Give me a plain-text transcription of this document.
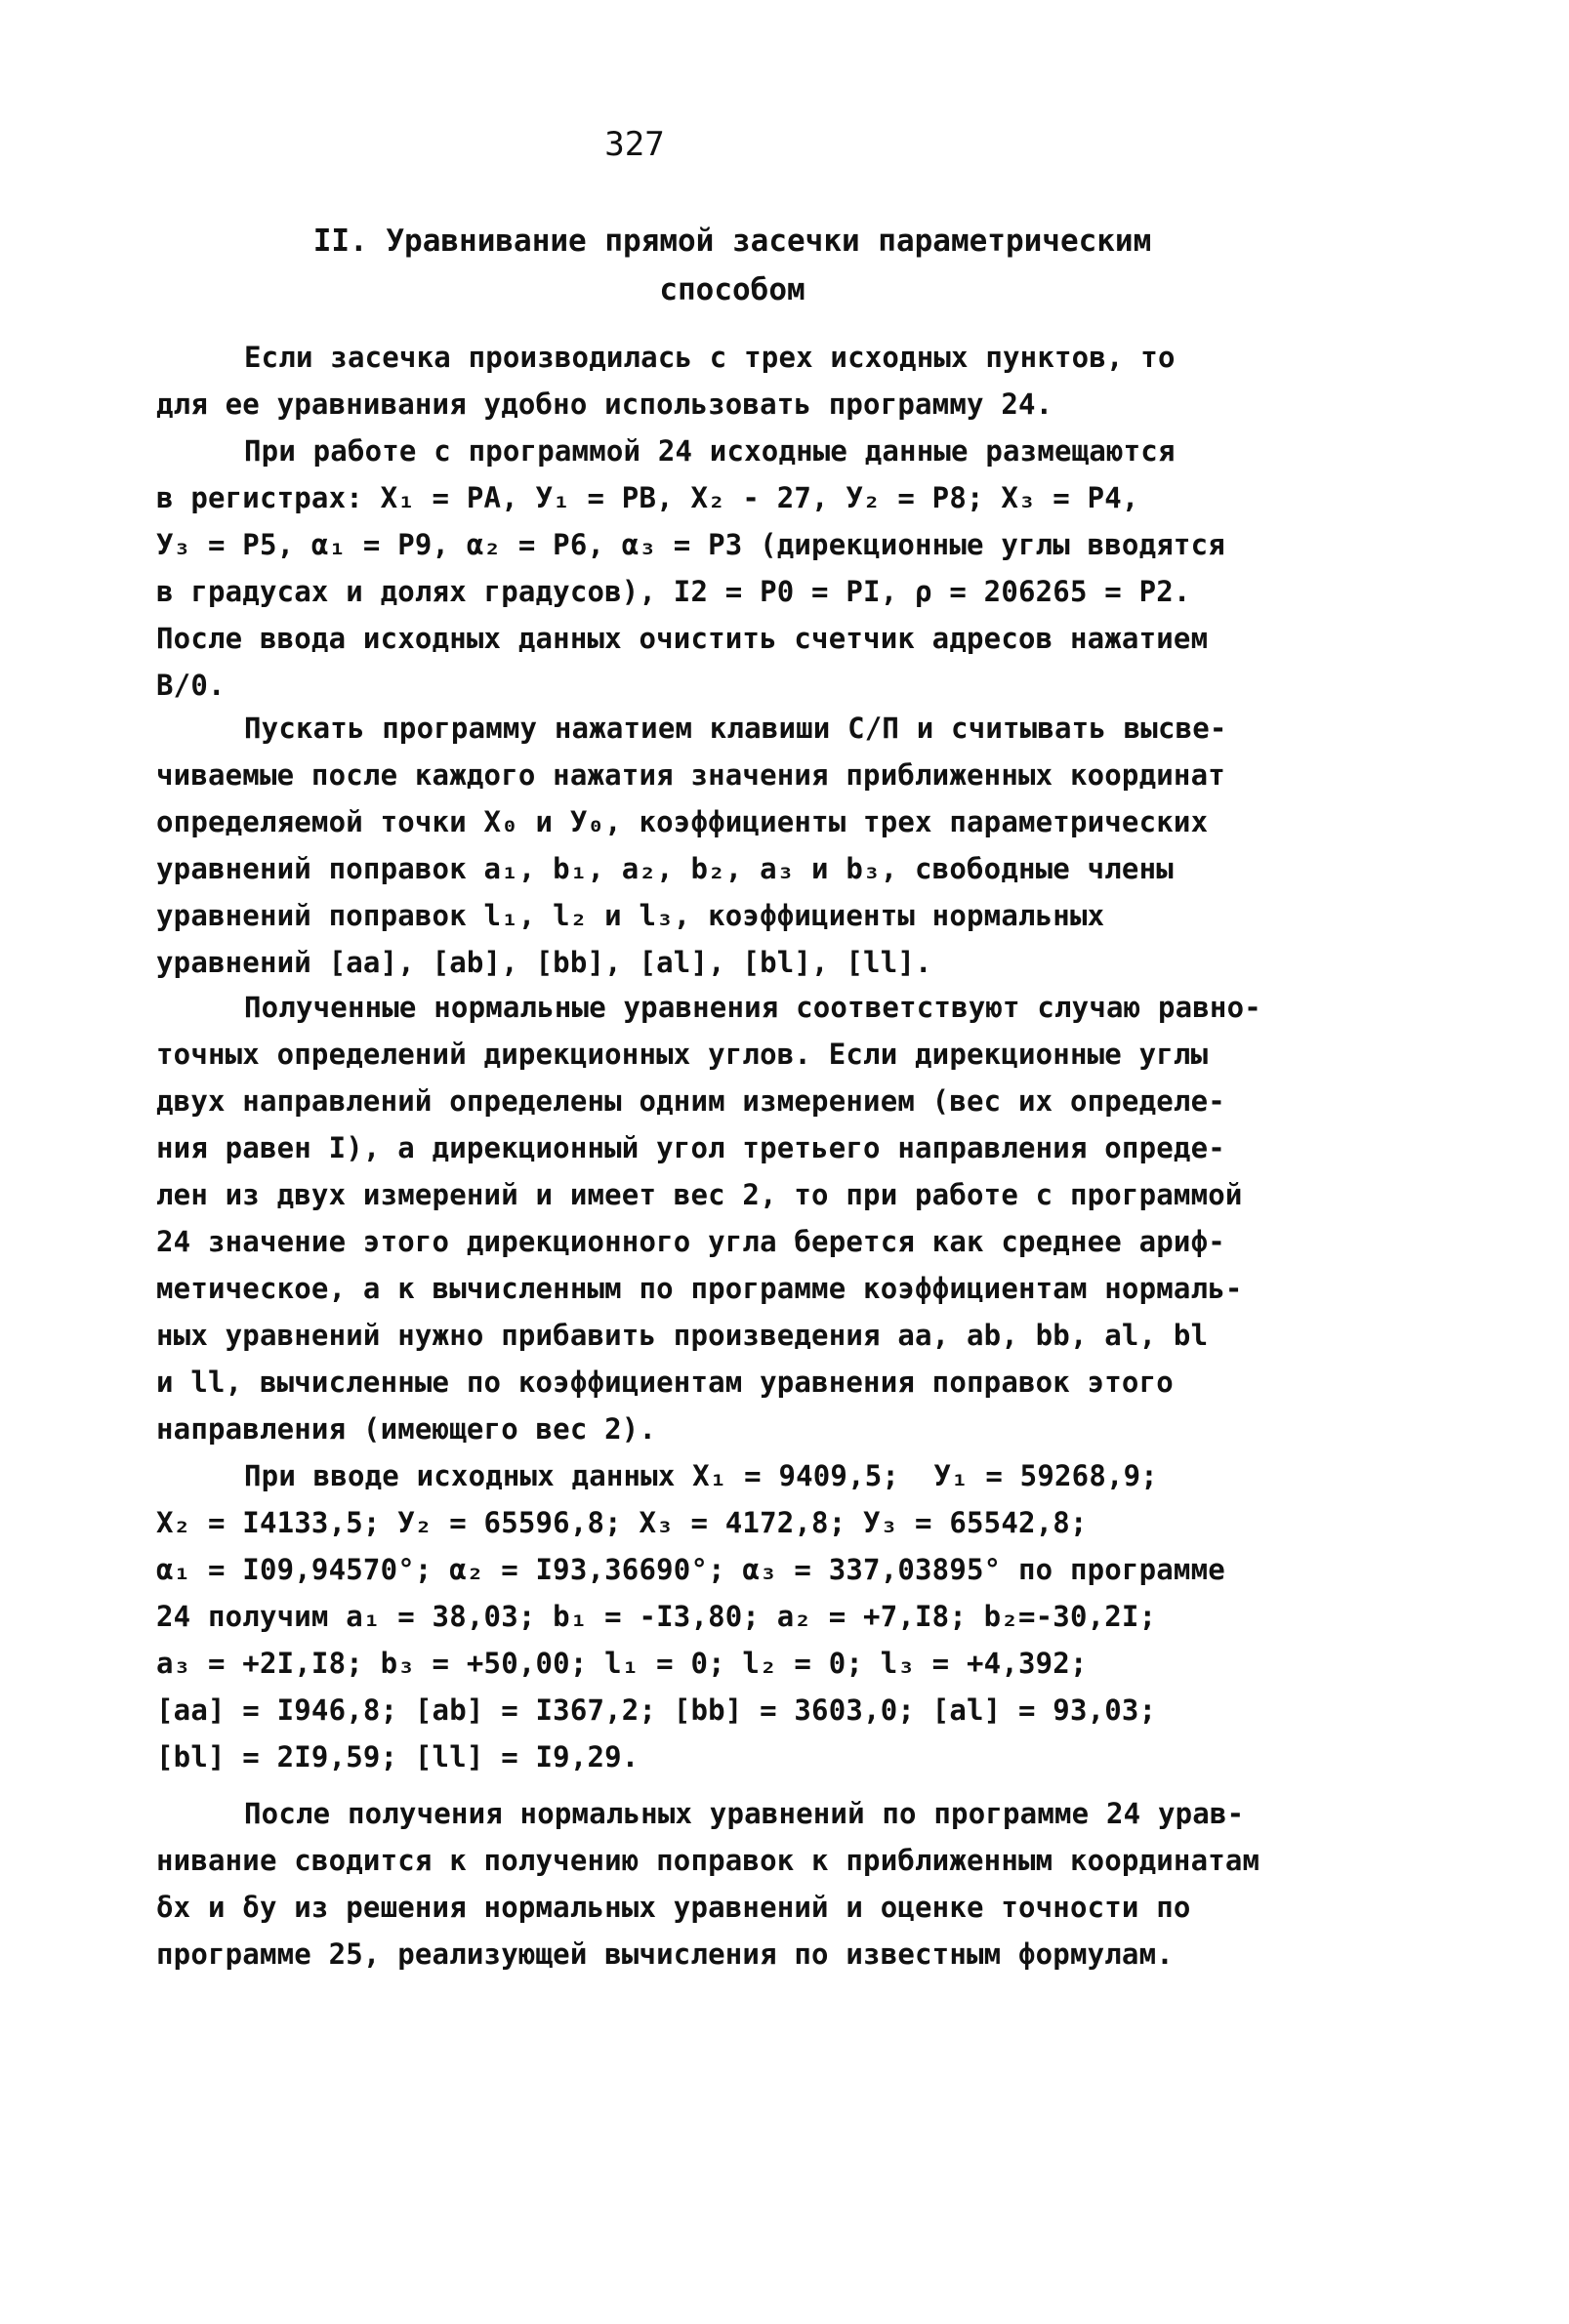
327
II. Уравнивание прямой засечки параметрическим
способом
Если засечка производилась с трех исходных пунктов, то
для ее уравнивания удобно использовать программу 24.
При работе с программой 24 исходные данные размещаются
в регистрах: X₁ = PA, У₁ = PB, X₂ - 27, У₂ = P8; X₃ = P4,
У₃ = P5, α₁ = P9, α₂ = P6, α₃ = P3 (дирекционные углы вводятся
в градусах и долях градусов), I2 = P0 = PI, ρ = 206265 = P2.
После ввода исходных данных очистить счетчик адресов нажатием
В/0.
Пускать программу нажатием клавиши С/П и считывать высве-
чиваемые после каждого нажатия значения приближенных координат
определяемой точки X₀ и У₀, коэффициенты трех параметрических
уравнений поправок a₁, b₁, a₂, b₂, a₃ и b₃, свободные члены
уравнений поправок l₁, l₂ и l₃, коэффициенты нормальных
уравнений [aa], [ab], [bb], [al], [bl], [ll].
Полученные нормальные уравнения соответствуют случаю равно-
точных определений дирекционных углов. Если дирекционные углы
двух направлений определены одним измерением (вес их определе-
ния равен I), а дирекционный угол третьего направления опреде-
лен из двух измерений и имеет вес 2, то при работе с программой
24 значение этого дирекционного угла берется как среднее ариф-
метическое, а к вычисленным по программе коэффициентам нормаль-
ных уравнений нужно прибавить произведения aa, ab, bb, al, bl
и ll, вычисленные по коэффициентам уравнения поправок этого
направления (имеющего вес 2).
При вводе исходных данных X₁ = 9409,5;  У₁ = 59268,9;
X₂ = I4133,5; У₂ = 65596,8; X₃ = 4172,8; У₃ = 65542,8;
α₁ = I09,94570°; α₂ = I93,36690°; α₃ = 337,03895° по программе
24 получим a₁ = 38,03; b₁ = -I3,80; a₂ = +7,I8; b₂=-30,2I;
a₃ = +2I,I8; b₃ = +50,00; l₁ = 0; l₂ = 0; l₃ = +4,392;
[aa] = I946,8; [ab] = I367,2; [bb] = 3603,0; [al] = 93,03;
[bl] = 2I9,59; [ll] = I9,29.
После получения нормальных уравнений по программе 24 урав-
нивание сводится к получению поправок к приближенным координатам
δx и δy из решения нормальных уравнений и оценке точности по
программе 25, реализующей вычисления по известным формулам.
